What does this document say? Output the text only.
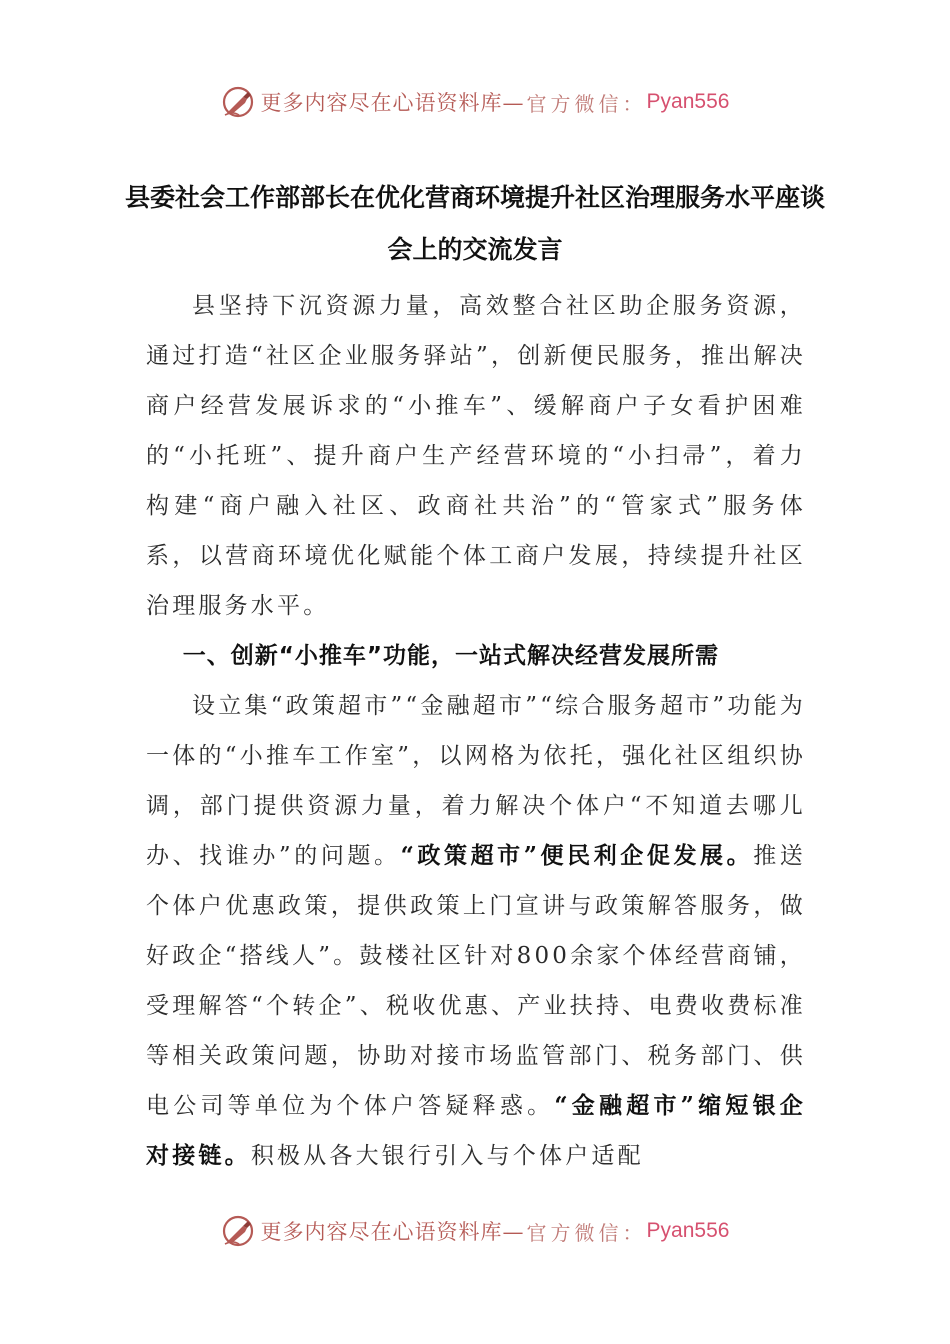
更多内容尽在心语资料库— 官方微信： Pyan556
县委社会工作部部长在优化营商环境提升社区治理服务水平座谈会上的交流发言

县坚持下沉资源力量，高效整合社区助企服务资源，通过打造“社区企业服务驿站”，创新便民服务，推出解决商户经营发展诉求的“小推车”、缓解商户子女看护困难的“小托班”、提升商户生产经营环境的“小扫帚”，着力构建“商户融入社区、政商社共治”的“管家式”服务体系，以营商环境优化赋能个体工商户发展，持续提升社区治理服务水平。

一、创新“小推车”功能，一站式解决经营发展所需

设立集“政策超市”“金融超市”“综合服务超市”功能为一体的“小推车工作室”，以网格为依托，强化社区组织协调，部门提供资源力量，着力解决个体户“不知道去哪儿办、找谁办”的问题。“政策超市”便民利企促发展。推送个体户优惠政策，提供政策上门宣讲与政策解答服务，做好政企“搭线人”。鼓楼社区针对800余家个体经营商铺，受理解答“个转企”、税收优惠、产业扶持、电费收费标准等相关政策问题，协助对接市场监管部门、税务部门、供电公司等单位为个体户答疑释惑。“金融超市”缩短银企对接链。积极从各大银行引入与个体户适配

更多内容尽在心语资料库— 官方微信： Pyan556
